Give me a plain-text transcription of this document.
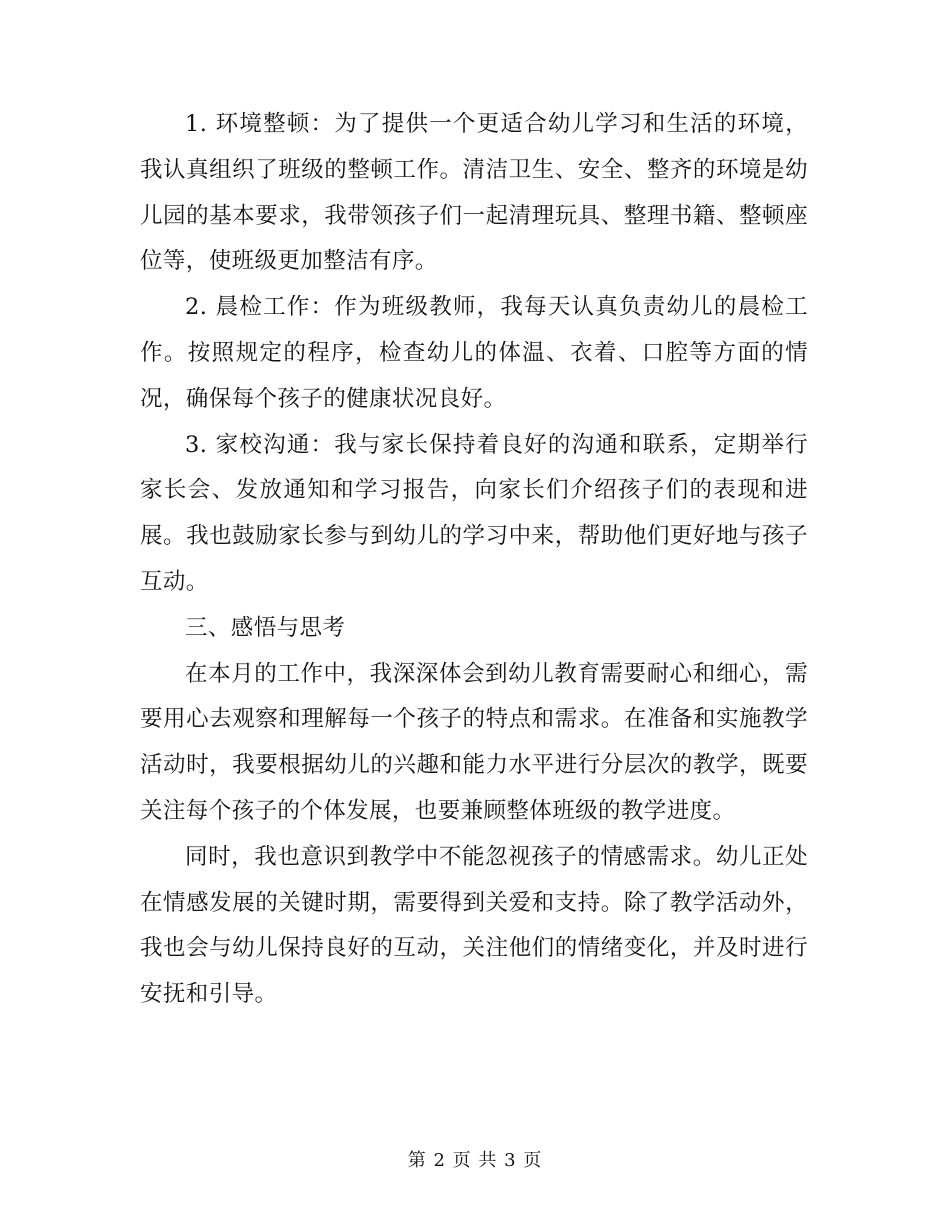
1. 环境整顿：为了提供一个更适合幼儿学习和生活的环境，我认真组织了班级的整顿工作。清洁卫生、安全、整齐的环境是幼儿园的基本要求，我带领孩子们一起清理玩具、整理书籍、整顿座位等，使班级更加整洁有序。

2. 晨检工作：作为班级教师，我每天认真负责幼儿的晨检工作。按照规定的程序，检查幼儿的体温、衣着、口腔等方面的情况，确保每个孩子的健康状况良好。

3. 家校沟通：我与家长保持着良好的沟通和联系，定期举行家长会、发放通知和学习报告，向家长们介绍孩子们的表现和进展。我也鼓励家长参与到幼儿的学习中来，帮助他们更好地与孩子互动。

三、感悟与思考

在本月的工作中，我深深体会到幼儿教育需要耐心和细心，需要用心去观察和理解每一个孩子的特点和需求。在准备和实施教学活动时，我要根据幼儿的兴趣和能力水平进行分层次的教学，既要关注每个孩子的个体发展，也要兼顾整体班级的教学进度。

同时，我也意识到教学中不能忽视孩子的情感需求。幼儿正处在情感发展的关键时期，需要得到关爱和支持。除了教学活动外，我也会与幼儿保持良好的互动，关注他们的情绪变化，并及时进行安抚和引导。

第 2 页 共 3 页
